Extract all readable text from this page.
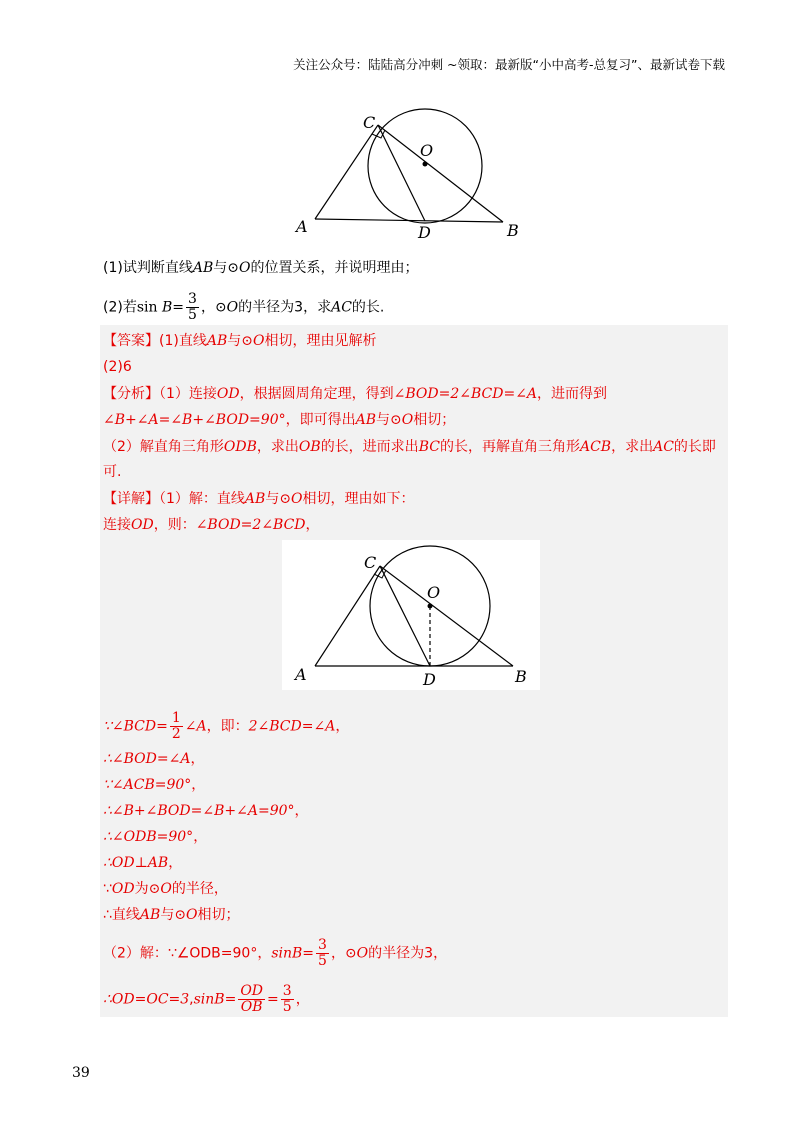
关注公众号：陆陆高分冲刺 ~领取：最新版“小中高考-总复习”、最新试卷下载
C
O
A	D	B
(1)试判断直线AB与⊙O的位置关系，并说明理由；
(2)若$\sin B= \frac{3}{5}$ ，⊙O的半径为3，求AC的长.
【答案】(1)直线AB与⊙O相切，理由见解析
(2)6
【分析】（1）连接OD，根据圆周角定理，得到∠BOD=2∠BCD=∠A，进而得到
∠B+∠A=∠B+∠BOD=90°，即可得出AB与⊙O相切；
（2）解直角三角形ODB，求出OB的长，进而求出BC的长，再解直角三角形ACB，求出AC的长即
可.
【详解】（1）解：直线AB与⊙O相切，理由如下：
连接OD，则：∠BOD=2∠BCD，
∵∠BCD= $\frac{1}{2}$ ∠A，即：2∠BCD=∠A，
∴∠BOD=∠A，
∵∠ACB=90°，
∴∠B+∠BOD=∠B+∠A=90°，
∴∠ODB=90°，
∴OD⊥AB，
∵OD为⊙O的半径，
∴直线AB与⊙O相切；
（2）解：∵∠ODB=90°，$\sin B= \frac{3}{5}$ ，⊙O的半径为3，
∴OD=OC=3,sinB= $\frac{OD}{OB} = \frac{3}{5}$ ，
C
O
A	D	B
39
